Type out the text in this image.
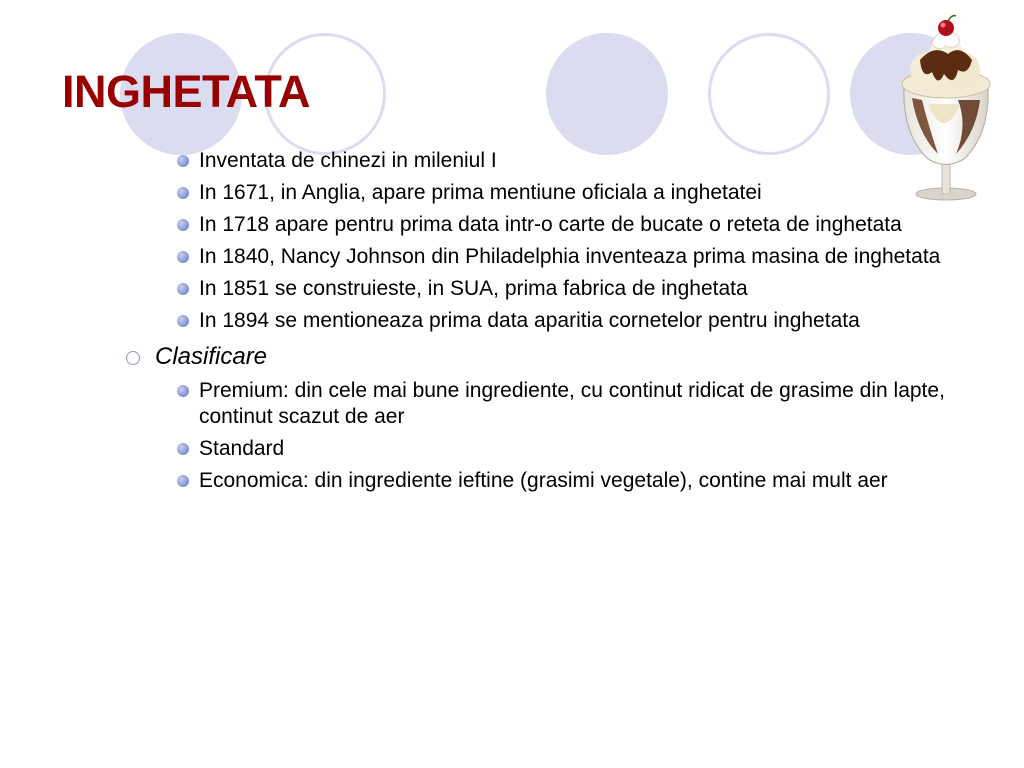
INGHETATA
Inventata de chinezi in mileniul I
In 1671, in Anglia, apare prima mentiune oficiala a inghetatei
In 1718 apare pentru prima data intr-o carte de bucate o reteta de inghetata
In 1840, Nancy Johnson din Philadelphia inventeaza prima masina de inghetata
In 1851 se construieste, in SUA, prima fabrica de inghetata
In 1894 se mentioneaza prima data aparitia cornetelor pentru inghetata
Clasificare
Premium: din cele mai bune ingrediente, cu continut ridicat de grasime din lapte, continut scazut de aer
Standard
Economica: din ingrediente ieftine (grasimi vegetale), contine mai mult aer
